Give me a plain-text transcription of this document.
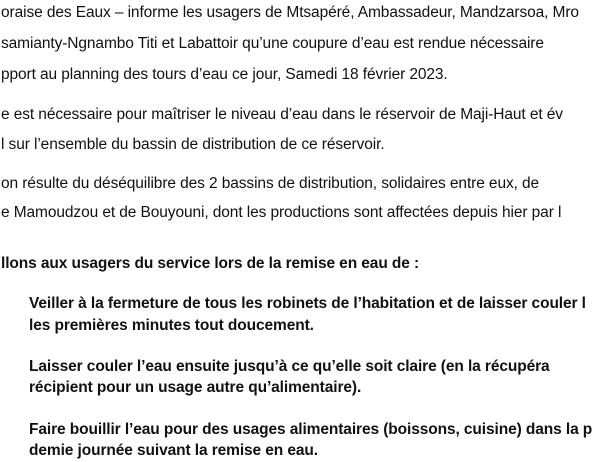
oraise des Eaux – informe les usagers de Mtsapéré, Ambassadeur, Mandzarsoa, Mro
samianty-Ngnambo Titi et Labattoir qu’une coupure d’eau est rendue nécessaire
pport au planning des tours d’eau ce jour, Samedi 18 février 2023.
e est nécessaire pour maîtriser le niveau d’eau dans le réservoir de Maji-Haut et év
l sur l’ensemble du bassin de distribution de ce réservoir.
on résulte du déséquilibre des 2 bassins de distribution, solidaires entre eux, de
e Mamoudzou et de Bouyouni, dont les productions sont affectées depuis hier par l
llons aux usagers du service lors de la remise en eau de :
Veiller à la fermeture de tous les robinets de l’habitation et de laisser couler l
les premières minutes tout doucement.
Laisser couler l’eau ensuite jusqu’à ce qu’elle soit claire (en la récupéra
récipient pour un usage autre qu’alimentaire).
Faire bouillir l’eau pour des usages alimentaires (boissons, cuisine) dans la p
demie journée suivant la remise en eau.
